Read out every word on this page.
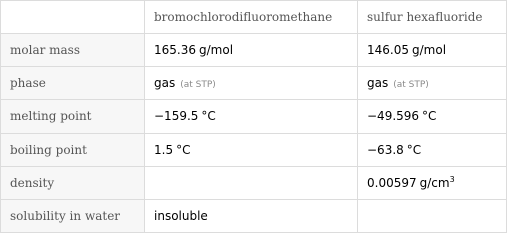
	bromochlorodifluoromethane	sulfur hexafluoride
molar mass	165.36 g/mol	146.05 g/mol
phase	gas (at STP)	gas (at STP)
melting point	−159.5 °C	−49.596 °C
boiling point	1.5 °C	−63.8 °C
density		0.00597 $g/cm^3$
solubility in water	insoluble	
